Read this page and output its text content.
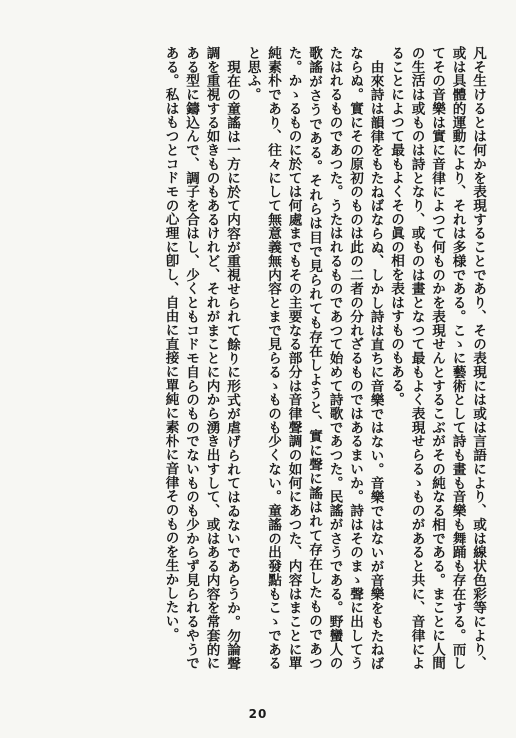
凡そ生けるとは何かを表現することであり、その表現には或は言語により、或は線状色彩等により、或は具體的運動により、それは多様である。こゝに藝術として詩も畫も音樂も舞踊も存在する。而してその音樂は實に音律によつて何ものかを表現せんとするこぶがその純なる相である。まことに人間の生活は或ものは詩となり、或ものは畫となつて最もよく表現せらるゝものがあると共に、音律によることによつて最もよくその眞の相を表はすものもある。

由來詩は韻律をもたねばならぬ、しかし詩は直ちに音樂ではない。音樂ではないが音樂をもたねばならぬ。實にその原初のものは此の二者の分れざるものではあるまいか。詩はそのまゝ聲に出してうたはれるものであつた。うたはれるものであつて始めて詩歌であつた。民謠がさうである。野蠻人の歌謠がさうである。それらは目で見られても存在しようと、實に聲に謠はれて存在したものであつた。かゝるものに於ては何處までもその主要なる部分は音律聲調の如何にあつた、内容はまことに單純素朴であり、往々にして無意義無内容とまで見らるゝものも少くない。童謠の出發點もこゝであると思ふ。

現在の童謠は一方に於て内容が重視せられて餘りに形式が虐げられてはゐないであらうか。勿論聲調を重視する如きものもあるけれど、それがまことに内から湧き出すして、或はある内容を常套的にある型に鑄込んで、調子を合はし、少くともコドモ自らのものでないものも少からず見られるやうである。私はもつとコドモの心理に卽し、自由に直接に單純に素朴に音律そのものを生かしたい。

20
